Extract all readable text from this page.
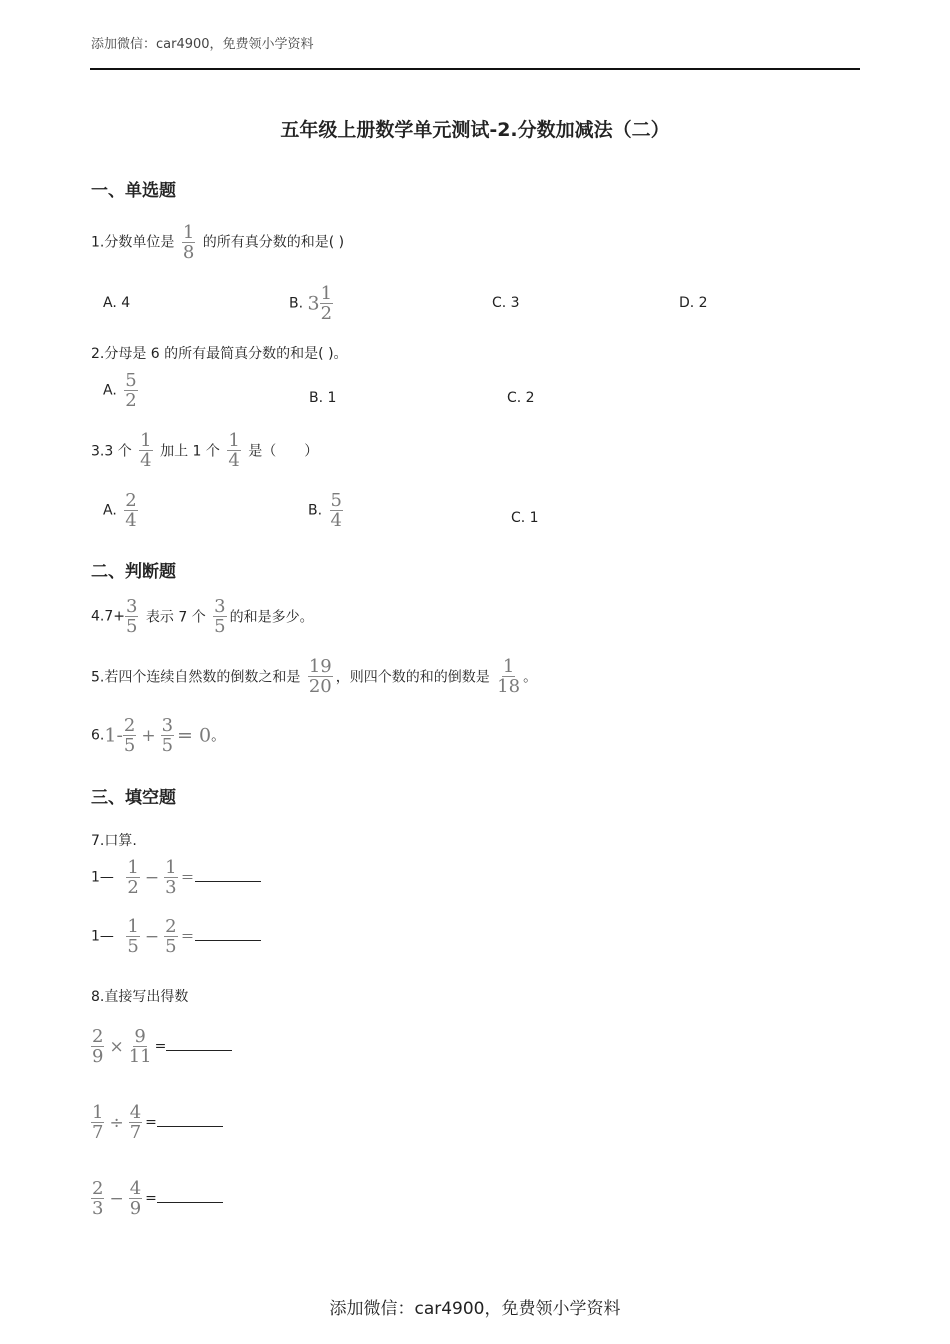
添加微信：car4900，免费领小学资料
五年级上册数学单元测试-2.分数加减法（二）
一、单选题
1.分数单位是 $\frac{1}{8}$ 的所有真分数的和是( )
A. 4	B. $3 \frac{1}{2}$	C. 3	D. 2
2.分母是 6 的所有最简真分数的和是( )。
A. $\frac{5}{2}$	B. 1	C. 2
3.3 个 $\frac{1}{4}$ 加上 1 个 $\frac{1}{4}$ 是（　　）
A. $\frac{2}{4}$	B. $\frac{5}{4}$	C. 1
二、判断题
$4.7+ \frac{3}{5}$ 表示 7 个 $\frac{3}{5}$ 的和是多少。
5.若四个连续自然数的倒数之和是 $\frac{19}{20}$ ，则四个数的和的倒数是 $\frac{1}{18}$ 。
$6.1- \frac{2}{5} + \frac{3}{5} = 0$。
三、填空题
7.口算.
1— $\frac{1}{2} - \frac{1}{3}$ ＝
1— $\frac{1}{5} - \frac{2}{5}$ ＝
8.直接写出得数
$\frac{2}{9} \times \frac{9}{11}$ =
$\frac{1}{7} \div \frac{4}{7}$ =
$\frac{2}{3} - \frac{4}{9}$ =
添加微信：car4900，免费领小学资料
